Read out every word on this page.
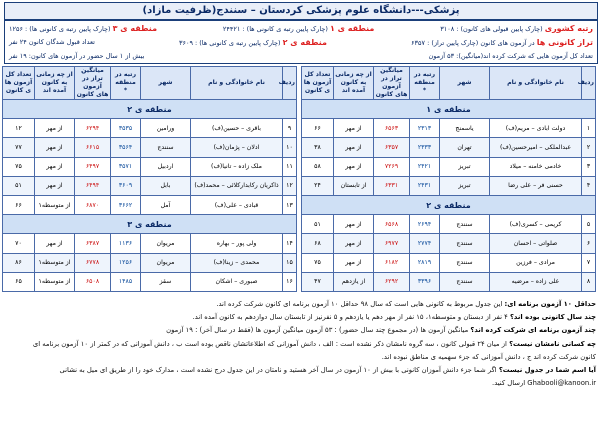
پزشکی---دانشگاه علوم پزشکی کردستان – سنندج(ظرفیت مازاد)
رتبه کشوری (چارک پایین قبولی های کانون) : ۳۱۰۸
منطقه ی ۱ (چارک پایین رتبه ی کانونی ها) : ۲۴۴۲۱
منطقه ی ۳ (چارک پایین رتبه ی کانونی ها) : ۱۲۵۶
تراز کانونی ها در آزمون های کانون (چارک پایین تراز) : ۶۳۵۷
منطقه ی ۲ (چارک پایین رتبه ی کانونی ها) : ۳۶۰۹
تعداد قبول شدگان کانون ۲۴ نفر
تعداد کل آزمون هایی که شرکت کرده اند(میانگین): ۵۳ آزمون
بیش از ۱ سال حضور در آزمون های کانون: ۱۹ نفر
ردیف	نام خانوادگی و نام	شهر	رتبه در منطقه
*	میانگین تراز در آزمون های کانون	از چه زمانی به کانون آمده اند	تعداد کل آزمون ها ی کانون
منطقه ی ۱						
۱	دولت ابادی – مریم(ف)	یاسمنج	۲۳۱۳	۶۵۶۳	از مهر	۶۶
۲	عبدالملکی – امیرحسین(ف)	تهران	۲۳۳۳	۶۳۵۷	از مهر	۳۸
۳	خادمی خامنه – میلاد	تبریز	۲۴۲۱	۷۲۶۹	از مهر	۵۸
۴	حسنی فر – علی رضا	تبریز	۲۴۳۱	۶۳۳۱	از تابستان	۲۴
منطقه ی ۲						
۵	کریمی – کسری(ف)	سنندج	۲۶۹۴	۶۵۶۸	از مهر	۵۱
۶	صلواتی – احسان	سنندج	۲۷۷۴	۶۹۷۷	از مهر	۶۸
۷	مرادی – فرزین	سنندج	۲۸۱۹	۶۱۸۲	از مهر	۷۵
۸	علی زاده – مرضیه	سنندج	۳۳۹۶	۶۲۹۲	از یازدهم	۴۷
ردیف	نام خانوادگی و نام	شهر	رتبه در منطقه
*	میانگین تراز در آزمون های کانون	از چه زمانی به کانون آمده اند	تعداد کل آزمون ها ی کانون
منطقه ی ۲						
۹	باقری – حسین(ف)	ورامین	۳۵۳۵	۶۲۹۴	از مهر	۱۲
۱۰	ادلان – پژمان(ف)	سنندج	۳۵۶۴	۶۶۱۵	از مهر	۷۷
۱۱	ملک زاده – تانیا(ف)	اردبیل	۳۵۷۱	۶۴۹۷	از مهر	۷۵
۱۲	ذاکریان رکابدارکلائی – محمد(ف)	بابل	۳۶۰۹	۶۴۹۴	از مهر	۵۱
۱۳	قبادی – علی(ف)	آمل	۳۶۶۲	۶۸۷۰	از متوسطه۱	۶۶
منطقه ی ۳						
۱۴	ولی پور – بهاره	مریوان	۱۱۳۶	۶۳۸۷	از مهر	۷۰
۱۵	محمدی – زینا(ف)	مریوان	۱۲۵۶	۶۷۷۸	از متوسطه۱	۸۶
۱۶	صبوری – اشکان	سقز	۱۴۸۵	۶۵۰۸	از متوسطه۱	۶۵
حداقل ۱۰ آزمون برنامه ای: این جدول مربوط به کانونی هایی است که سال ۹۸ حداقل ۱۰ آزمون برنامه ای کانون شرکت کرده اند.
چند سال کانونی بوده اند؟ ۴ نفر از دبستان و متوسطه۱، ۱۵ نفر از مهر دهم یا یازدهم و ۵ نفرنیز از تابستان سال دوازدهم به کانون آمده اند.
چند آزمون برنامه ای شرکت کرده اند؟ میانگین آزمون ها (در مجموع چند سال حضور) : ۵۳ آزمون میانگین آزمون ها (فقط در سال آخر) : ۱۹ آزمون
چه کسانی نامشان نیست؟ از میان ۲۴ قبولی کانون ، سه گروه نامشان ذکر نشده است : الف ، دانش آموزانی که اطلاعاتشان ناقص بوده است ب ، دانش آموزانی که در کمتر از ۱۰ آزمون برنامه ای
کانون شرکت کرده اند ج ، دانش آموزانی که جزء سهمیه ی مناطق نبوده اند.
آیا اسم شما در جدول نیست؟ اگر شما جزء دانش آموزان کانونی با بیش از ۱۰ آزمون در سال آخر هستید و نامتان در این جدول درج نشده است ، مدارک خود را از طریق ای میل به نشانی
Ghabooli@kanoon.ir ارسال کنید.
